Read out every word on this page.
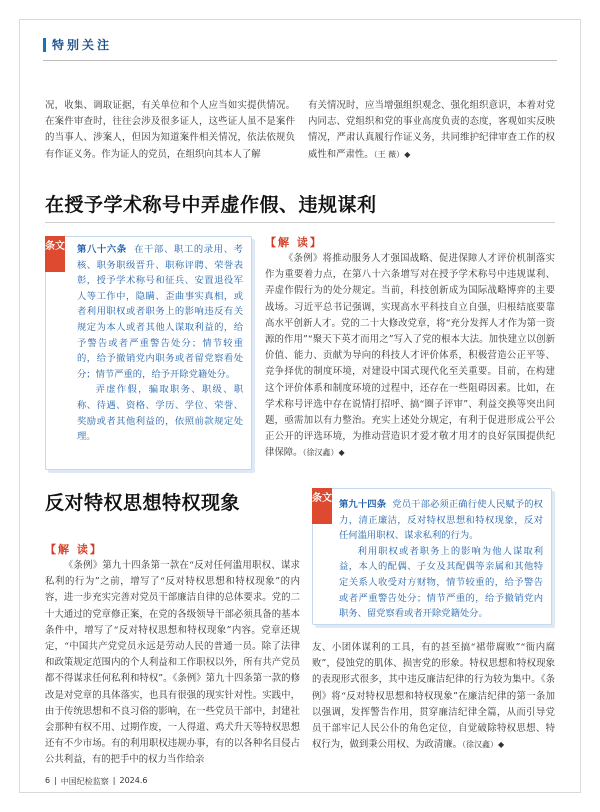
特别关注

况，收集、调取证据，有关单位和个人应当如实提供情况。在案件审查时，往往会涉及很多证人，这些证人虽不是案件的当事人、涉案人，但因为知道案件相关情况，依法依规负有作证义务。作为证人的党员，在组织向其本人了解

有关情况时，应当增强组织观念、强化组织意识，本着对党内同志、党组织和党的事业高度负责的态度，客观如实反映情况，严肃认真履行作证义务，共同维护纪律审查工作的权威性和严肃性。（王 薇）◆

在授予学术称号中弄虚作假、违规谋利
条文 第八十六条 在干部、职工的录用、考核、职务职级晋升、职称评聘、荣誉表彰，授予学术称号和征兵、安置退役军人等工作中，隐瞒、歪曲事实真相，或者利用职权或者职务上的影响违反有关规定为本人或者其他人谋取利益的，给予警告或者严重警告处分；情节较重的，给予撤销党内职务或者留党察看处分；情节严重的，给予开除党籍处分。

弄虚作假，骗取职务、职级、职称、待遇、资格、学历、学位、荣誉、奖励或者其他利益的，依照前款规定处理。

【解 读】

《条例》将推动服务人才强国战略、促进保障人才评价机制落实作为重要着力点，在第八十六条增写对在授予学术称号中违规谋利、弄虚作假行为的处分规定。当前，科技创新成为国际战略博弈的主要战场。习近平总书记强调，实现高水平科技自立自强，归根结底要靠高水平创新人才。党的二十大修改党章，将“充分发挥人才作为第一资源的作用”“聚天下英才而用之”写入了党的根本大法。加快建立以创新价值、能力、贡献为导向的科技人才评价体系，积极营造公正平等、竞争择优的制度环境，对建设中国式现代化至关重要。目前，在构建这个评价体系和制度环境的过程中，还存在一些阻碍因素。比如，在学术称号评选中存在说情打招呼、搞“圈子评审”、利益交换等突出问题，亟需加以有力整治。充实上述处分规定，有利于促进形成公平公正公开的评选环境，为推动营造识才爱才敬才用才的良好氛围提供纪律保障。（徐汉鑫）◆

反对特权思想特权现象
【解 读】

《条例》第九十四条第一款在“反对任何滥用职权、谋求私利的行为”之前，增写了“反对特权思想和特权现象”的内容，进一步充实完善对党员干部廉洁自律的总体要求。党的二十大通过的党章修正案，在党的各级领导干部必须具备的基本条件中，增写了“反对特权思想和特权现象”内容。党章还规定，“中国共产党党员永远是劳动人民的普通一员。除了法律和政策规定范围内的个人利益和工作职权以外，所有共产党员都不得谋求任何私利和特权”。《条例》第九十四条第一款的修改是对党章的具体落实，也具有很强的现实针对性。实践中，由于传统思想和不良习俗的影响，在一些党员干部中，封建社会那种有权不用、过期作废，一人得道、鸡犬升天等特权思想还有不少市场。有的利用职权违规办事，有的以各种名目侵占公共利益，有的把手中的权力当作给亲

条文

第九十四条 党员干部必须正确行使人民赋予的权力，清正廉洁，反对特权思想和特权现象，反对任何滥用职权、谋求私利的行为。

利用职权或者职务上的影响为他人谋取利益，本人的配偶、子女及其配偶等亲属和其他特定关系人收受对方财物，情节较重的，给予警告或者严重警告处分；情节严重的，给予撤销党内职务、留党察看或者开除党籍处分。

友、小团体谋利的工具，有的甚至搞“裙带腐败”“衙内腐败”，侵蚀党的肌体、损害党的形象。特权思想和特权现象的表现形式很多，其中违反廉洁纪律的行为较为集中。《条例》将“反对特权思想和特权现象”在廉洁纪律的第一条加以强调，发挥警告作用，贯穿廉洁纪律全篇，从而引导党员干部牢记人民公仆的角色定位，自觉破除特权思想、特权行为，做到秉公用权、为政清廉。（徐汉鑫）◆

6 | 中国纪检监察 | 2024.6
